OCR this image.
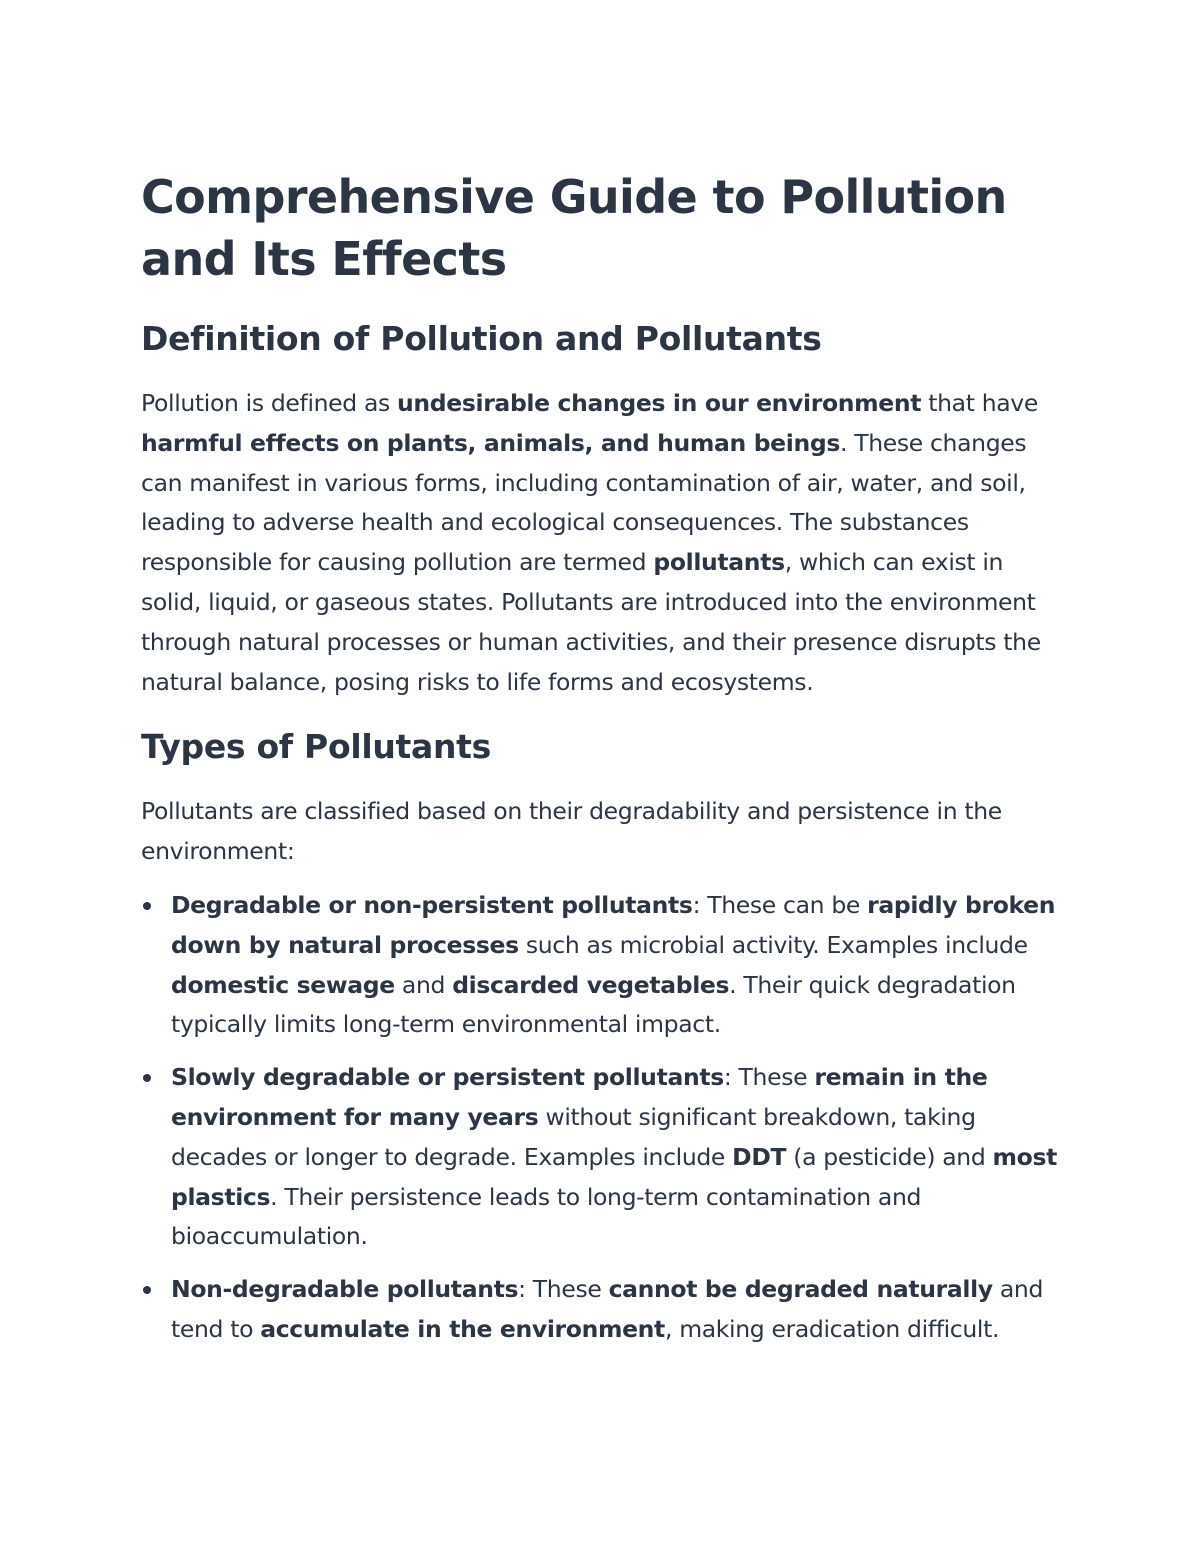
Comprehensive Guide to Pollution and Its Effects
Definition of Pollution and Pollutants

Pollution is defined as undesirable changes in our environment that have harmful effects on plants, animals, and human beings. These changes can manifest in various forms, including contamination of air, water, and soil, leading to adverse health and ecological consequences. The substances responsible for causing pollution are termed pollutants, which can exist in solid, liquid, or gaseous states. Pollutants are introduced into the environment through natural processes or human activities, and their presence disrupts the natural balance, posing risks to life forms and ecosystems.

Types of Pollutants

Pollutants are classified based on their degradability and persistence in the environment:

Degradable or non-persistent pollutants: These can be rapidly broken down by natural processes such as microbial activity. Examples include domestic sewage and discarded vegetables. Their quick degradation typically limits long-term environmental impact.
Slowly degradable or persistent pollutants: These remain in the environment for many years without significant breakdown, taking decades or longer to degrade. Examples include DDT (a pesticide) and most plastics. Their persistence leads to long-term contamination and bioaccumulation.
Non-degradable pollutants: These cannot be degraded naturally and tend to accumulate in the environment, making eradication difficult.
